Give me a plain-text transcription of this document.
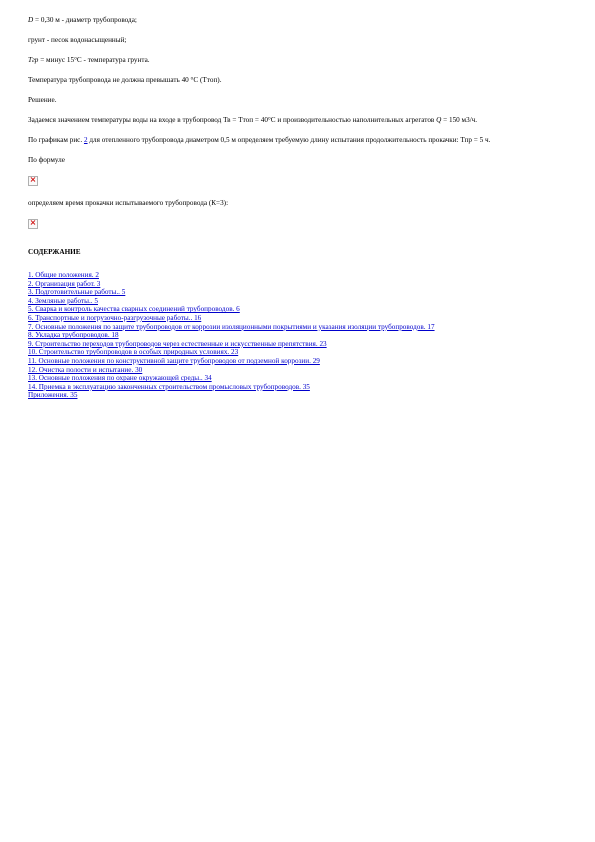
D = 0,30 м - диаметр трубопровода;

грунт - песок водонасыщенный;

Тгр = минус 15°С - температура грунта.

Температура трубопровода не должна превышать 40 °С (Ттоп).

Решение.

Задаемся значением температуры воды на входе в трубопровод Тв = Ттоп = 40°С и производительностью наполнительных агрегатов Q = 150 м3/ч.

По графикам рис. 2 для отепленного трубопровода диаметром 0,5 м определяем требуемую длину испытания продолжительность прокачки: Тпр = 5 ч.

По формуле

×

определяем время прокачки испытываемого трубопровода (К=3):

×

СОДЕРЖАНИЕ

1. Общие положения. 2
2. Организация работ. 3
3. Подготовительные работы.. 5
4. Земляные работы.. 5
5. Сварка и контроль качества сварных соединений трубопроводов. 6
6. Транспортные и погрузочно-разгрузочные работы.. 16
7. Основные положения по защите трубопроводов от коррозии изоляционными покрытиями и указания изоляции трубопроводов. 17
8. Укладка трубопроводов. 18
9. Строительство переходов трубопроводов через естественные и искусственные препятствия. 23
10. Строительство трубопроводов в особых природных условиях. 23
11. Основные положения по конструктивной защите трубопроводов от подземной коррозии. 29
12. Очистка полости и испытание. 30
13. Основные положения по охране окружающей среды.. 34
14. Приемка в эксплуатацию законченных строительством промысловых трубопроводов. 35
Приложения. 35
